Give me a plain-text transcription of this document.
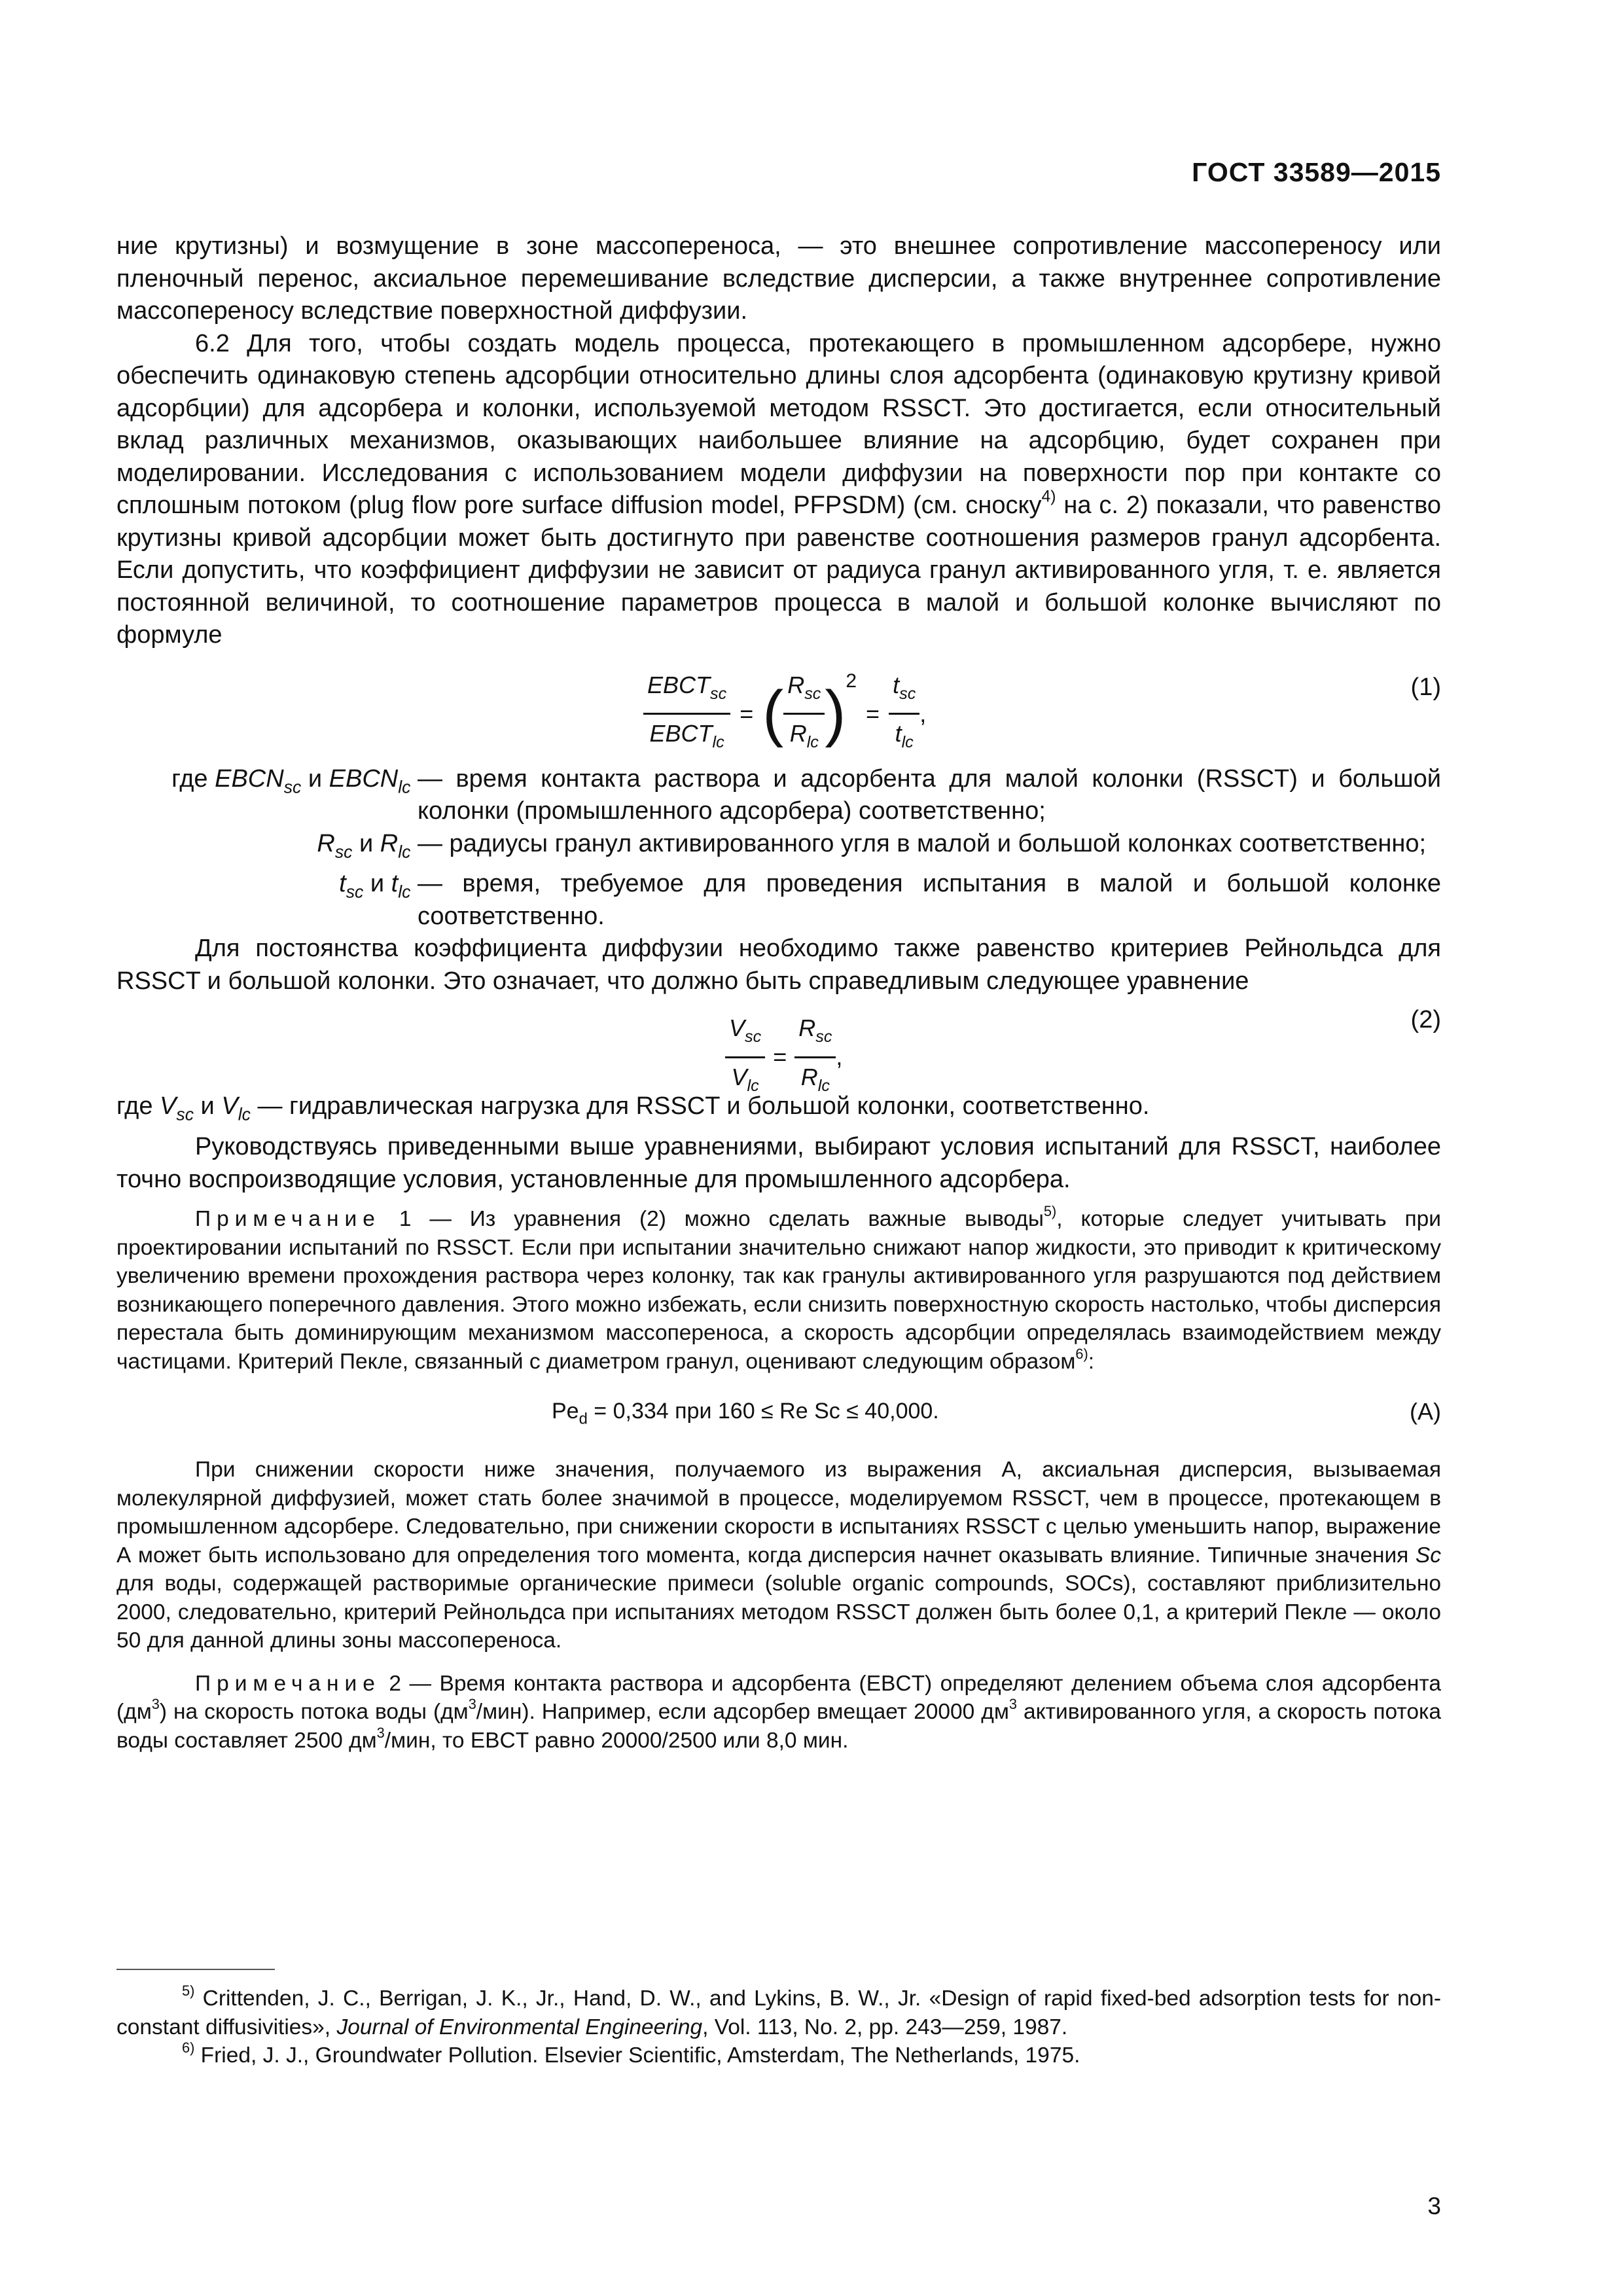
ГОСТ 33589—2015

ние крутизны) и возмущение в зоне массопереноса, — это внешнее сопротивление массопереносу или пленочный перенос, аксиальное перемешивание вследствие дисперсии, а также внутреннее сопротивление массопереносу вследствие поверхностной диффузии.

6.2 Для того, чтобы создать модель процесса, протекающего в промышленном адсорбере, нужно обеспечить одинаковую степень адсорбции относительно длины слоя адсорбента (одинаковую крутизну кривой адсорбции) для адсорбера и колонки, используемой методом RSSCT. Это достигается, если относительный вклад различных механизмов, оказывающих наибольшее влияние на адсорбцию, будет сохранен при моделировании. Исследования с использованием модели диффузии на поверхности пор при контакте со сплошным потоком (plug flow pore surface diffusion model, PFPSDM) (см. сноску$^{4)}$ на с. 2) показали, что равенство крутизны кривой адсорбции может быть достигнуто при равенстве соотношения размеров гранул адсорбента. Если допустить, что коэффициент диффузии не зависит от радиуса гранул активированного угля, т. е. является постоянной величиной, то соотношение параметров процесса в малой и большой колонке вычисляют по формуле

$\frac{EBCT_{sc}}{EBCT_{lc}}$ = ( $\frac{R_{sc}}{R_{lc}}$ ) 2
= $\frac{t_{sc}}{t_{lc}}$ ,
(1)
где $EBCN_{sc}$ и $EBCN_{lc}$ — время контакта раствора и адсорбента для малой колонки (RSSCT) и большой колонки (промышленного адсорбера) соответственно;
$R_{sc}$ и $R_{lc}$ — радиусы гранул активированного угля в малой и большой колонках соответственно;
$t_{sc}$ и $t_{lc}$ — время, требуемое для проведения испытания в малой и большой колонке соответственно.

Для постоянства коэффициента диффузии необходимо также равенство критериев Рейнольдса для RSSCT и большой колонки. Это означает, что должно быть справедливым следующее уравнение

$\frac{V_{sc}}{V_{lc}} = \frac{R_{sc}}{R_{lc}}$ ,
(2)

где $V_{sc}$ и $V_{lc}$ — гидравлическая нагрузка для RSSCT и большой колонки, соответственно.

Руководствуясь приведенными выше уравнениями, выбирают условия испытаний для RSSCT, наиболее точно воспроизводящие условия, установленные для промышленного адсорбера.

Примечание 1 — Из уравнения (2) можно сделать важные выводы$^{5)}$, которые следует учитывать при проектировании испытаний по RSSCT. Если при испытании значительно снижают напор жидкости, это приводит к критическому увеличению времени прохождения раствора через колонку, так как гранулы активированного угля разрушаются под действием возникающего поперечного давления. Этого можно избежать, если снизить поверхностную скорость настолько, чтобы дисперсия перестала быть доминирующим механизмом массопереноса, а скорость адсорбции определялась взаимодействием между частицами. Критерий Пекле, связанный с диаметром гранул, оценивают следующим образом$^{6)}$:

$Pe_d = 0,334$ при 160 ≤ Re Sc ≤ 40,000.	(A)

При снижении скорости ниже значения, получаемого из выражения А, аксиальная дисперсия, вызываемая молекулярной диффузией, может стать более значимой в процессе, моделируемом RSSCT, чем в процессе, протекающем в промышленном адсорбере. Следовательно, при снижении скорости в испытаниях RSSCT с целью уменьшить напор, выражение А может быть использовано для определения того момента, когда дисперсия начнет оказывать влияние. Типичные значения Sc для воды, содержащей растворимые органические примеси (soluble organic compounds, SOCs), составляют приблизительно 2000, следовательно, критерий Рейнольдса при испытаниях методом RSSCT должен быть более 0,1, а критерий Пекле — около 50 для данной длины зоны массопереноса.

Примечание 2 — Время контакта раствора и адсорбента (EBCT) определяют делением объема слоя адсорбента $(дм^3)$ на скорость потока воды $(дм^3/мин)$. Например, если адсорбер вмещает 20000 $дм^3$ активированного угля, а скорость потока воды составляет 2500 $дм^3$/мин, то EBCT равно 20000/2500 или 8,0 мин.

$^{5)}$ Crittenden, J. C., Berrigan, J. K., Jr., Hand, D. W., and Lykins, B. W., Jr. «Design of rapid fixed-bed adsorption tests for non-constant diffusivities», Journal of Environmental Engineering, Vol. 113, No. 2, pp. 243—259, 1987.

$^{6)}$ Fried, J. J., Groundwater Pollution. Elsevier Scientific, Amsterdam, The Netherlands, 1975.

3
